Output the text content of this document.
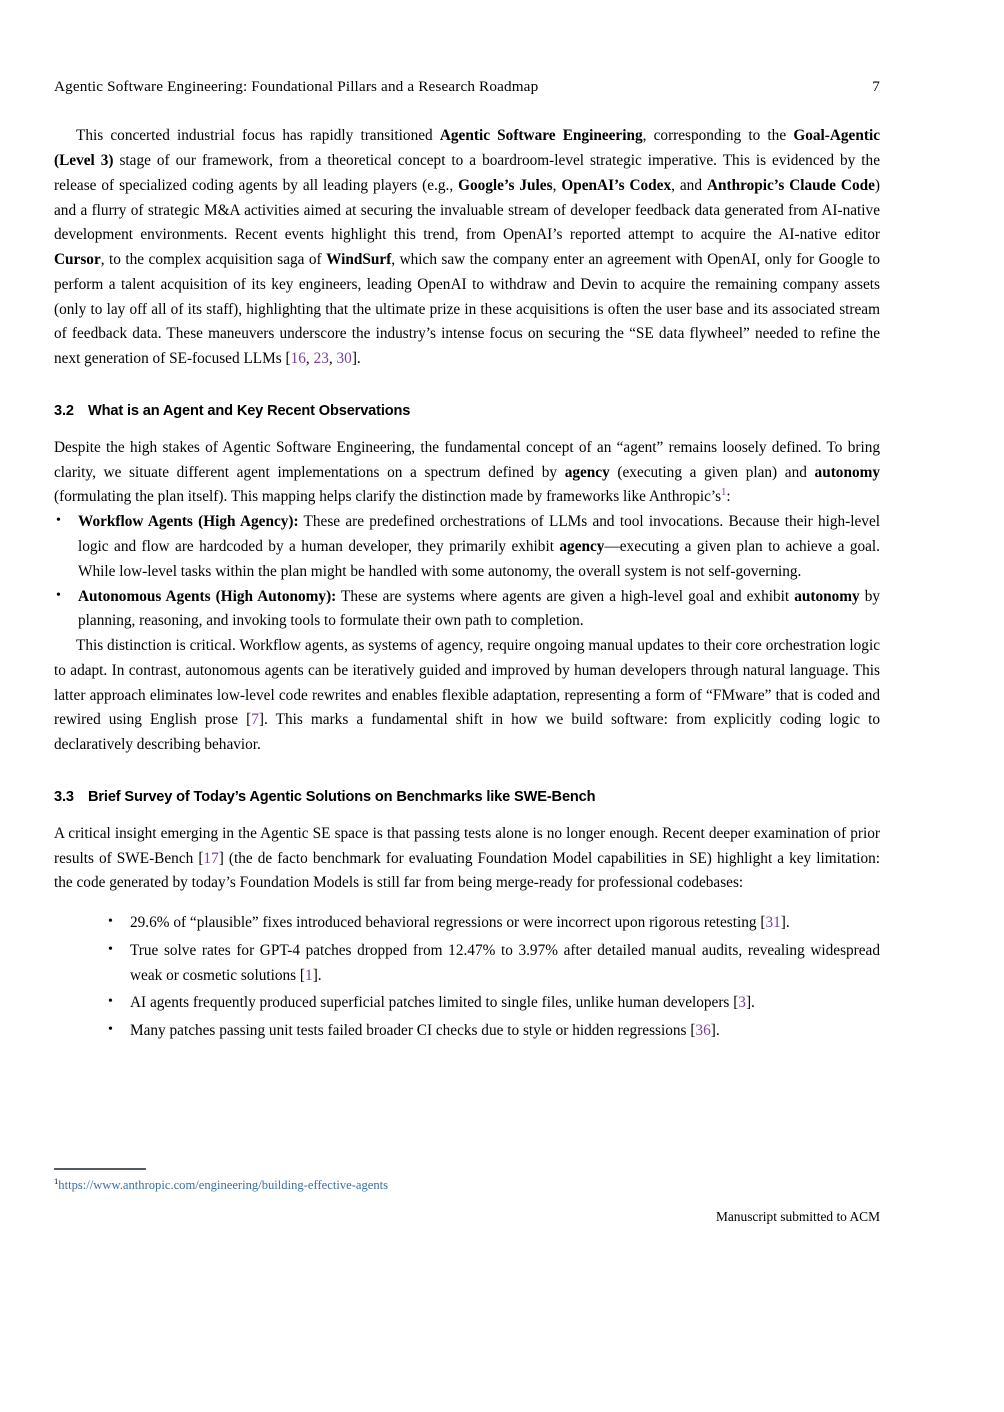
Agentic Software Engineering: Foundational Pillars and a Research Roadmap	7

This concerted industrial focus has rapidly transitioned Agentic Software Engineering, corresponding to the Goal-Agentic (Level 3) stage of our framework, from a theoretical concept to a boardroom-level strategic imperative. This is evidenced by the release of specialized coding agents by all leading players (e.g., Google’s Jules, OpenAI’s Codex, and Anthropic’s Claude Code) and a flurry of strategic M&A activities aimed at securing the invaluable stream of developer feedback data generated from AI-native development environments. Recent events highlight this trend, from OpenAI’s reported attempt to acquire the AI-native editor Cursor, to the complex acquisition saga of WindSurf, which saw the company enter an agreement with OpenAI, only for Google to perform a talent acquisition of its key engineers, leading OpenAI to withdraw and Devin to acquire the remaining company assets (only to lay off all of its staff), highlighting that the ultimate prize in these acquisitions is often the user base and its associated stream of feedback data. These maneuvers underscore the industry’s intense focus on securing the “SE data flywheel” needed to refine the next generation of SE-focused LLMs [16, 23, 30].

3.2 What is an Agent and Key Recent Observations

Despite the high stakes of Agentic Software Engineering, the fundamental concept of an “agent” remains loosely defined. To bring clarity, we situate different agent implementations on a spectrum defined by agency (executing a given plan) and autonomy (formulating the plan itself). This mapping helps clarify the distinction made by frameworks like Anthropic’s$^1$:

• Workflow Agents (High Agency): These are predefined orchestrations of LLMs and tool invocations. Because their high-level logic and flow are hardcoded by a human developer, they primarily exhibit agency—executing a given plan to achieve a goal. While low-level tasks within the plan might be handled with some autonomy, the overall system is not self-governing.
• Autonomous Agents (High Autonomy): These are systems where agents are given a high-level goal and exhibit autonomy by planning, reasoning, and invoking tools to formulate their own path to completion.

This distinction is critical. Workflow agents, as systems of agency, require ongoing manual updates to their core orchestration logic to adapt. In contrast, autonomous agents can be iteratively guided and improved by human developers through natural language. This latter approach eliminates low-level code rewrites and enables flexible adaptation, representing a form of “FMware” that is coded and rewired using English prose [7]. This marks a fundamental shift in how we build software: from explicitly coding logic to declaratively describing behavior.

3.3 Brief Survey of Today’s Agentic Solutions on Benchmarks like SWE-Bench

A critical insight emerging in the Agentic SE space is that passing tests alone is no longer enough. Recent deeper examination of prior results of SWE-Bench [17] (the de facto benchmark for evaluating Foundation Model capabilities in SE) highlight a key limitation: the code generated by today’s Foundation Models is still far from being merge-ready for professional codebases:

• 29.6% of “plausible” fixes introduced behavioral regressions or were incorrect upon rigorous retesting [31].
• True solve rates for GPT-4 patches dropped from 12.47% to 3.97% after detailed manual audits, revealing widespread weak or cosmetic solutions [1].
• AI agents frequently produced superficial patches limited to single files, unlike human developers [3].
• Many patches passing unit tests failed broader CI checks due to style or hidden regressions [36].
$^1$https://www.anthropic.com/engineering/building-effective-agents
Manuscript submitted to ACM
